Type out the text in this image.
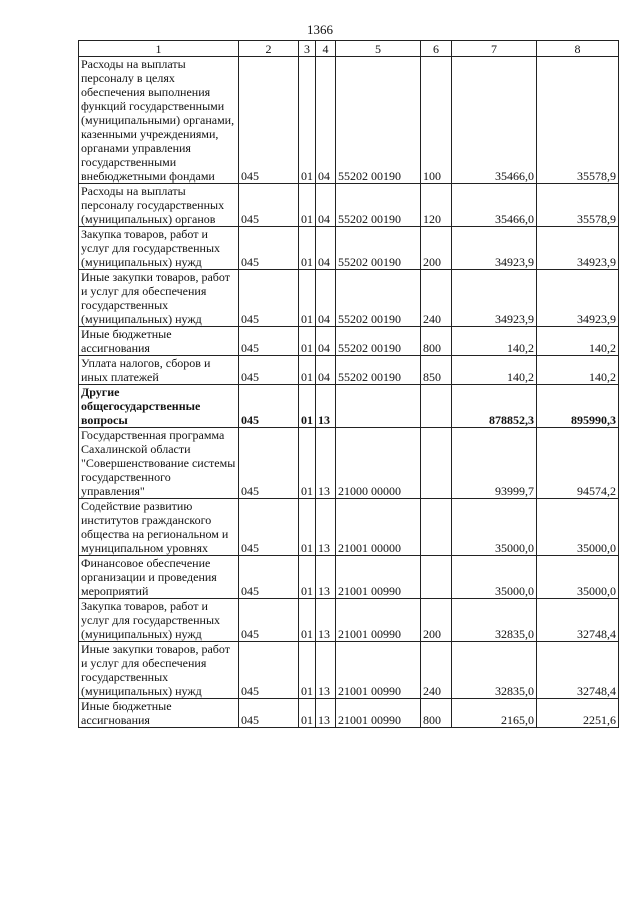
1366
1	2	3	4	5	6	7	8
Расходы на выплаты персоналу в целях обеспечения выполнения функций государственными (муниципальными) органами, казенными учреждениями, органами управления государственными внебюджетными фондами	045	01	04	55202 00190	100	35466,0	35578,9
Расходы на выплаты персоналу государственных (муниципальных) органов	045	01	04	55202 00190	120	35466,0	35578,9
Закупка товаров, работ и услуг для государственных (муниципальных) нужд	045	01	04	55202 00190	200	34923,9	34923,9
Иные закупки товаров, работ и услуг для обеспечения государственных (муниципальных) нужд	045	01	04	55202 00190	240	34923,9	34923,9
Иные бюджетные ассигнования	045	01	04	55202 00190	800	140,2	140,2
Уплата налогов, сборов и иных платежей	045	01	04	55202 00190	850	140,2	140,2
Другие общегосударственные вопросы	045	01	13			878852,3	895990,3
Государственная программа Сахалинской области "Совершенствование системы государственного управления"	045	01	13	21000 00000		93999,7	94574,2
Содействие развитию институтов гражданского общества на региональном и муниципальном уровнях	045	01	13	21001 00000		35000,0	35000,0
Финансовое обеспечение организации и проведения мероприятий	045	01	13	21001 00990		35000,0	35000,0
Закупка товаров, работ и услуг для государственных (муниципальных) нужд	045	01	13	21001 00990	200	32835,0	32748,4
Иные закупки товаров, работ и услуг для обеспечения государственных (муниципальных) нужд	045	01	13	21001 00990	240	32835,0	32748,4
Иные бюджетные ассигнования	045	01	13	21001 00990	800	2165,0	2251,6
